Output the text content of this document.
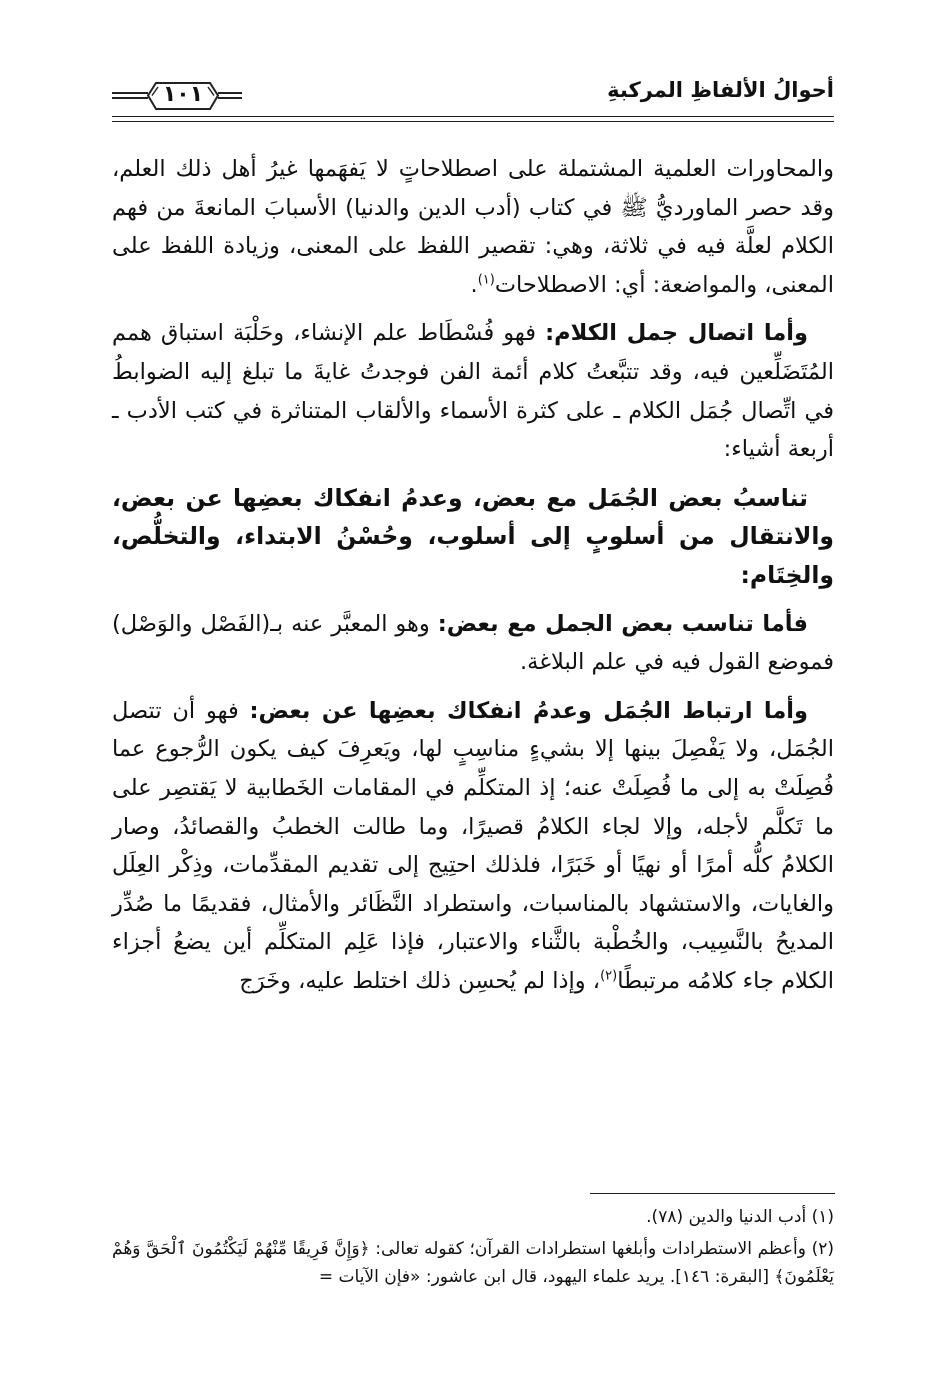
أحوالُ الألفاظِ المركبةِ
١٠١

والمحاورات العلمية المشتملة على اصطلاحاتٍ لا يَفهَمها غيرُ أهل ذلك العلم، وقد حصر الماورديُّ ﷺ في كتاب (أدب الدين والدنيا) الأسبابَ المانعةَ من فهم الكلام لعلَّة فيه في ثلاثة، وهي: تقصير اللفظ على المعنى، وزيادة اللفظ على المعنى، والمواضعة: أي: الاصطلاحات$^{(١)}$.

وأما اتصال جمل الكلام: فهو فُسْطَاط علم الإنشاء، وحَلْبَة استباق همم المُتَضَلِّعين فيه، وقد تتبَّعتُ كلام أئمة الفن فوجدتُ غايةَ ما تبلغ إليه الضوابطُ في اتِّصال جُمَل الكلام ـ على كثرة الأسماء والألقاب المتناثرة في كتب الأدب ـ أربعة أشياء:

تناسبُ بعض الجُمَل مع بعض، وعدمُ انفكاك بعضِها عن بعض، والانتقال من أسلوبٍ إلى أسلوب، وحُسْنُ الابتداء، والتخلُّص، والخِتَام:

فأما تناسب بعض الجمل مع بعض: وهو المعبَّر عنه بـ(الفَصْل والوَصْل) فموضع القول فيه في علم البلاغة.

وأما ارتباط الجُمَل وعدمُ انفكاك بعضِها عن بعض: فهو أن تتصل الجُمَل، ولا يَفْصِلَ بينها إلا بشيءٍ مناسِبٍ لها، ويَعرِفَ كيف يكون الرُّجوع عما فُصِلَتْ به إلى ما فُصِلَتْ عنه؛ إذ المتكلِّم في المقامات الخَطابية لا يَقتصِر على ما تَكلَّم لأجله، وإلا لجاء الكلامُ قصيرًا، وما طالت الخطبُ والقصائدُ، وصار الكلامُ كلُّه أمرًا أو نهيًا أو خَبَرًا، فلذلك احتِيج إلى تقديم المقدِّمات، وذِكْر العِلَل والغايات، والاستشهاد بالمناسبات، واستطراد النَّظَائر والأمثال، فقديمًا ما صُدِّر المديحُ بالنَّسِيب، والخُطْبة بالثَّناء والاعتبار، فإذا عَلِم المتكلِّم أين يضعُ أجزاء الكلام جاء كلامُه مرتبطًا$^{(٢)}$، وإذا لم يُحسِن ذلك اختلط عليه، وخَرَج

(١) أدب الدنيا والدين (٧٨).

(٢) وأعظم الاستطرادات وأبلغها استطرادات القرآن؛ كقوله تعالى: ﴿وَإِنَّ فَرِيقًا مِّنْهُمْ لَيَكْتُمُونَ ٱلْحَقَّ وَهُمْ يَعْلَمُونَ﴾ [البقرة: ١٤٦]. يريد علماء اليهود، قال ابن عاشور: «فإن الآيات =
